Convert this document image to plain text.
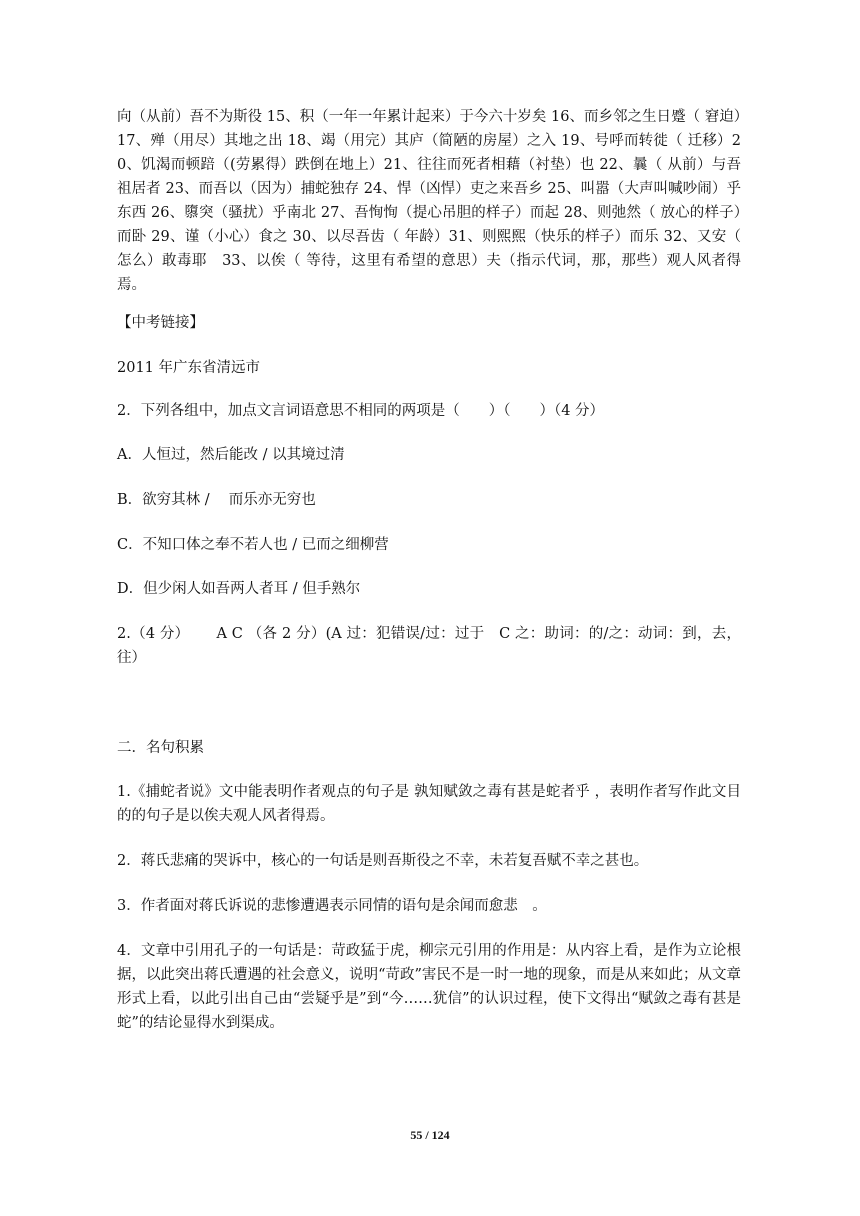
向（从前）吾不为斯役 15、积（一年一年累计起来）于今六十岁矣 16、而乡邻之生日蹙（ 窘迫）17、殚（用尽）其地之出 18、竭（用完）其庐（简陋的房屋）之入 19、号呼而转徙（ 迁移）20、饥渴而顿踣（(劳累得）跌倒在地上）21、往往而死者相藉（衬垫）也 22、曩（ 从前）与吾祖居者 23、而吾以（因为）捕蛇独存 24、悍（凶悍）吏之来吾乡 25、叫嚣（大声叫喊吵闹）乎东西 26、隳突（骚扰）乎南北 27、吾恂恂（提心吊胆的样子）而起 28、则弛然（ 放心的样子）而卧 29、谨（小心）食之 30、以尽吾齿（ 年龄）31、则熙熙（快乐的样子）而乐 32、又安（ 怎么）敢毒耶　33、以俟（ 等待，这里有希望的意思）夫（指示代词，那，那些）观人风者得焉。
【中考链接】
2011 年广东省清远市
2．下列各组中，加点文言词语意思不相同的两项是（　　）（　　）（4 分）
A．人恒过，然后能改 / 以其境过清
B．欲穷其林 /　 而乐亦无穷也
C．不知口体之奉不若人也 / 已而之细柳营
D．但少闲人如吾两人者耳 / 但手熟尔
2.（4 分）　　 A C （各 2 分）(A 过：犯错误/过：过于　C 之：助词：的/之：动词：到，去，往）
二．名句积累
1.《捕蛇者说》文中能表明作者观点的句子是 孰知赋敛之毒有甚是蛇者乎 ，表明作者写作此文目的的句子是以俟夫观人风者得焉。
2．蒋氏悲痛的哭诉中，核心的一句话是则吾斯役之不幸，未若复吾赋不幸之甚也。
3．作者面对蒋氏诉说的悲惨遭遇表示同情的语句是余闻而愈悲　。
4．文章中引用孔子的一句话是：苛政猛于虎，柳宗元引用的作用是：从内容上看，是作为立论根据，以此突出蒋氏遭遇的社会意义，说明“苛政”害民不是一时一地的现象，而是从来如此；从文章形式上看，以此引出自己由“尝疑乎是”到“今……犹信”的认识过程，使下文得出“赋敛之毒有甚是蛇”的结论显得水到渠成。
55 / 124
